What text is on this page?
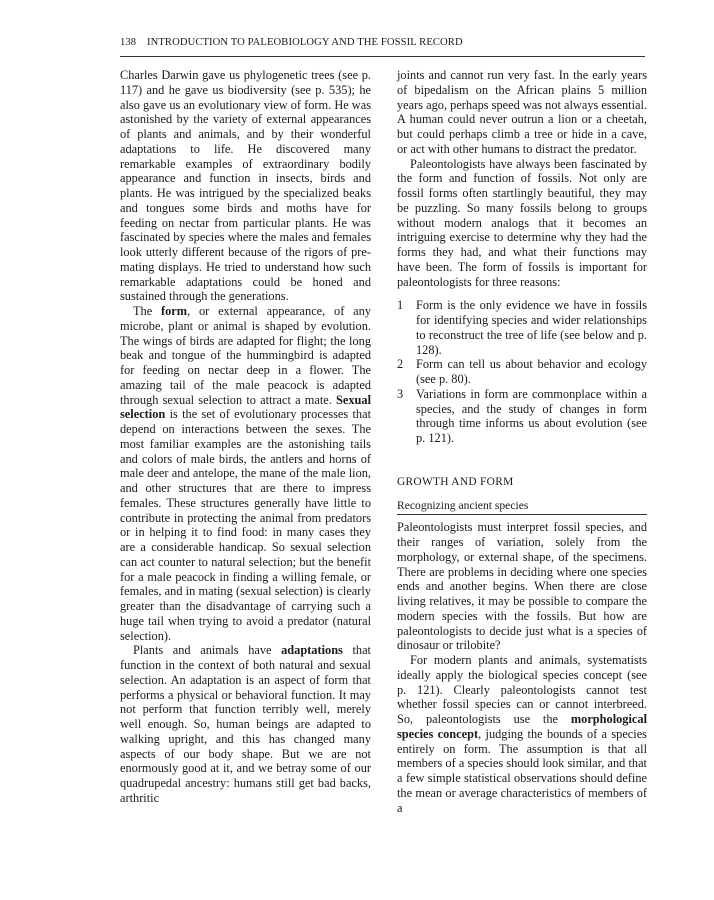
138 INTRODUCTION TO PALEOBIOLOGY AND THE FOSSIL RECORD

Charles Darwin gave us phylogenetic trees (see p. 117) and he gave us biodiversity (see p. 535); he also gave us an evolutionary view of form. He was astonished by the variety of external appearances of plants and animals, and by their wonderful adaptations to life. He discovered many remarkable examples of extraordinary bodily appearance and function in insects, birds and plants. He was intrigued by the specialized beaks and tongues some birds and moths have for feeding on nectar from particular plants. He was fascinated by species where the males and females look utterly different because of the rigors of pre-mating displays. He tried to understand how such remarkable adaptations could be honed and sustained through the generations.

The form, or external appearance, of any microbe, plant or animal is shaped by evolution. The wings of birds are adapted for flight; the long beak and tongue of the hummingbird is adapted for feeding on nectar deep in a flower. The amazing tail of the male peacock is adapted through sexual selection to attract a mate. Sexual selection is the set of evolutionary processes that depend on interactions between the sexes. The most familiar examples are the astonishing tails and colors of male birds, the antlers and horns of male deer and antelope, the mane of the male lion, and other structures that are there to impress females. These structures generally have little to contribute in protecting the animal from predators or in helping it to find food: in many cases they are a considerable handicap. So sexual selection can act counter to natural selection; but the benefit for a male peacock in finding a willing female, or females, and in mating (sexual selection) is clearly greater than the disadvantage of carrying such a huge tail when trying to avoid a predator (natural selection).

Plants and animals have adaptations that function in the context of both natural and sexual selection. An adaptation is an aspect of form that performs a physical or behavioral function. It may not perform that function terribly well, merely well enough. So, human beings are adapted to walking upright, and this has changed many aspects of our body shape. But we are not enormously good at it, and we betray some of our quadrupedal ancestry: humans still get bad backs, arthritic

joints and cannot run very fast. In the early years of bipedalism on the African plains 5 million years ago, perhaps speed was not always essential. A human could never outrun a lion or a cheetah, but could perhaps climb a tree or hide in a cave, or act with other humans to distract the predator.

Paleontologists have always been fascinated by the form and function of fossils. Not only are fossil forms often startlingly beautiful, they may be puzzling. So many fossils belong to groups without modern analogs that it becomes an intriguing exercise to determine why they had the forms they had, and what their functions may have been. The form of fossils is important for paleontologists for three reasons:

1 Form is the only evidence we have in fossils for identifying species and wider relationships to reconstruct the tree of life (see below and p. 128).
2 Form can tell us about behavior and ecology (see p. 80).
3 Variations in form are commonplace within a species, and the study of changes in form through time informs us about evolution (see p. 121).
GROWTH AND FORM
Recognizing ancient species

Paleontologists must interpret fossil species, and their ranges of variation, solely from the morphology, or external shape, of the specimens. There are problems in deciding where one species ends and another begins. When there are close living relatives, it may be possible to compare the modern species with the fossils. But how are paleontologists to decide just what is a species of dinosaur or trilobite?

For modern plants and animals, systematists ideally apply the biological species concept (see p. 121). Clearly paleontologists cannot test whether fossil species can or cannot interbreed. So, paleontologists use the morphological species concept, judging the bounds of a species entirely on form. The assumption is that all members of a species should look similar, and that a few simple statistical observations should define the mean or average characteristics of members of a
